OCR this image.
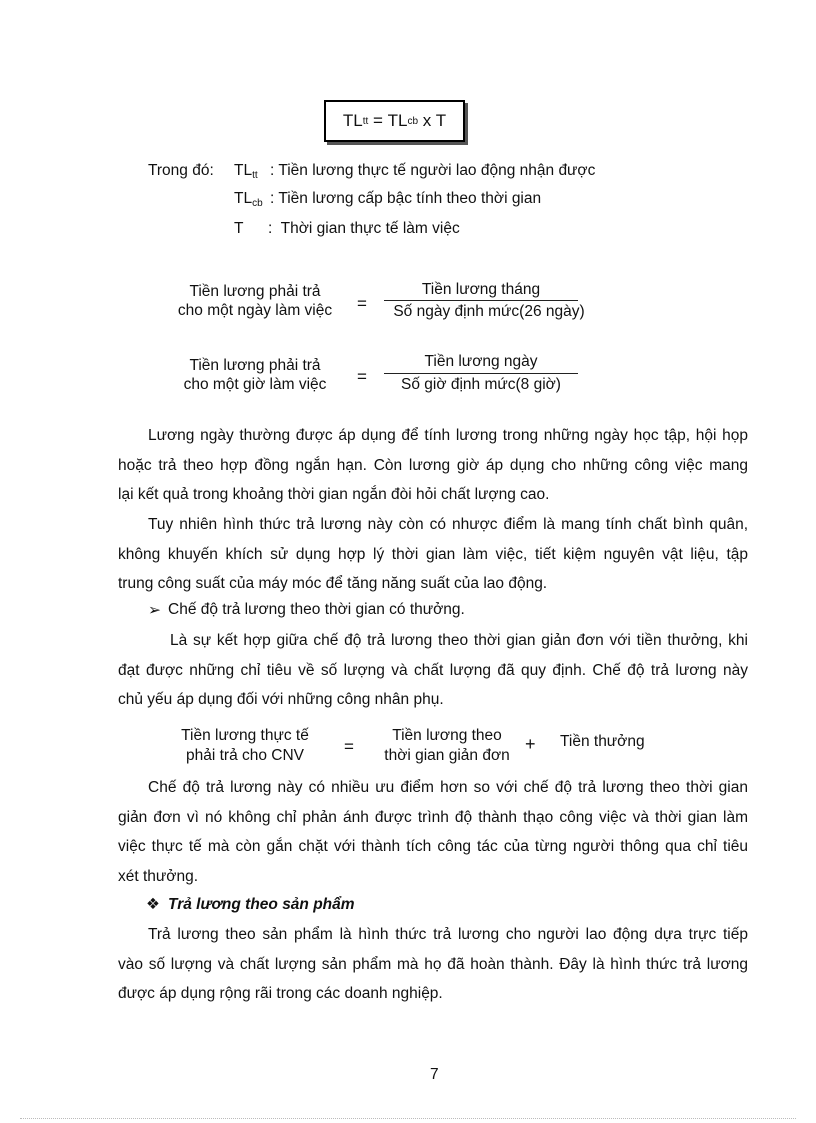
TL tt = TL cb x T
Trong đó: $TL_{tt}$ : Tiền lương thực tế người lao động nhận được
$TL_{cb}$ : Tiền lương cấp bậc tính theo thời gian
T :  Thời gian thực tế làm việc
Tiền lương phải trả
cho một ngày làm việc	=
Tiền lương tháng
Số ngày định mức(26 ngày)
Tiền lương phải trả
cho một giờ làm việc	=
Tiền lương ngày
Số giờ định mức(8 giờ)
Lương ngày thường được áp dụng để tính lương trong những ngày học tập, hội họp
hoặc trả theo hợp đồng ngắn hạn. Còn lương giờ áp dụng cho những công việc mang
lại kết quả trong khoảng thời gian ngắn đòi hỏi chất lượng cao.
Tuy nhiên hình thức trả lương này còn có nhược điểm là mang tính chất bình quân,
không khuyến khích sử dụng hợp lý thời gian làm việc, tiết kiệm nguyên vật liệu, tập
trung công suất của máy móc để tăng năng suất của lao động.
➢ Chế độ trả lương theo thời gian có thưởng.
Là sự kết hợp giữa chế độ trả lương theo thời gian giản đơn với tiền thưởng, khi
đạt được những chỉ tiêu về số lượng và chất lượng đã quy định. Chế độ trả lương này
chủ yếu áp dụng đối với những công nhân phụ.
Tiền lương thực tế
phải trả cho CNV	=
Tiền lương theo
thời gian giản đơn
+ Tiền thưởng
Chế độ trả lương này có nhiều ưu điểm hơn so với chế độ trả lương theo thời gian
giản đơn vì nó không chỉ phản ánh được trình độ thành thạo công việc và thời gian làm
việc thực tế mà còn gắn chặt với thành tích công tác của từng người thông qua chỉ tiêu
xét thưởng.
❖ Trả lương theo sản phẩm
Trả lương theo sản phẩm là hình thức trả lương cho người lao động dựa trực tiếp
vào số lượng và chất lượng sản phẩm mà họ đã hoàn thành. Đây là hình thức trả lương
được áp dụng rộng rãi trong các doanh nghiệp.
7
